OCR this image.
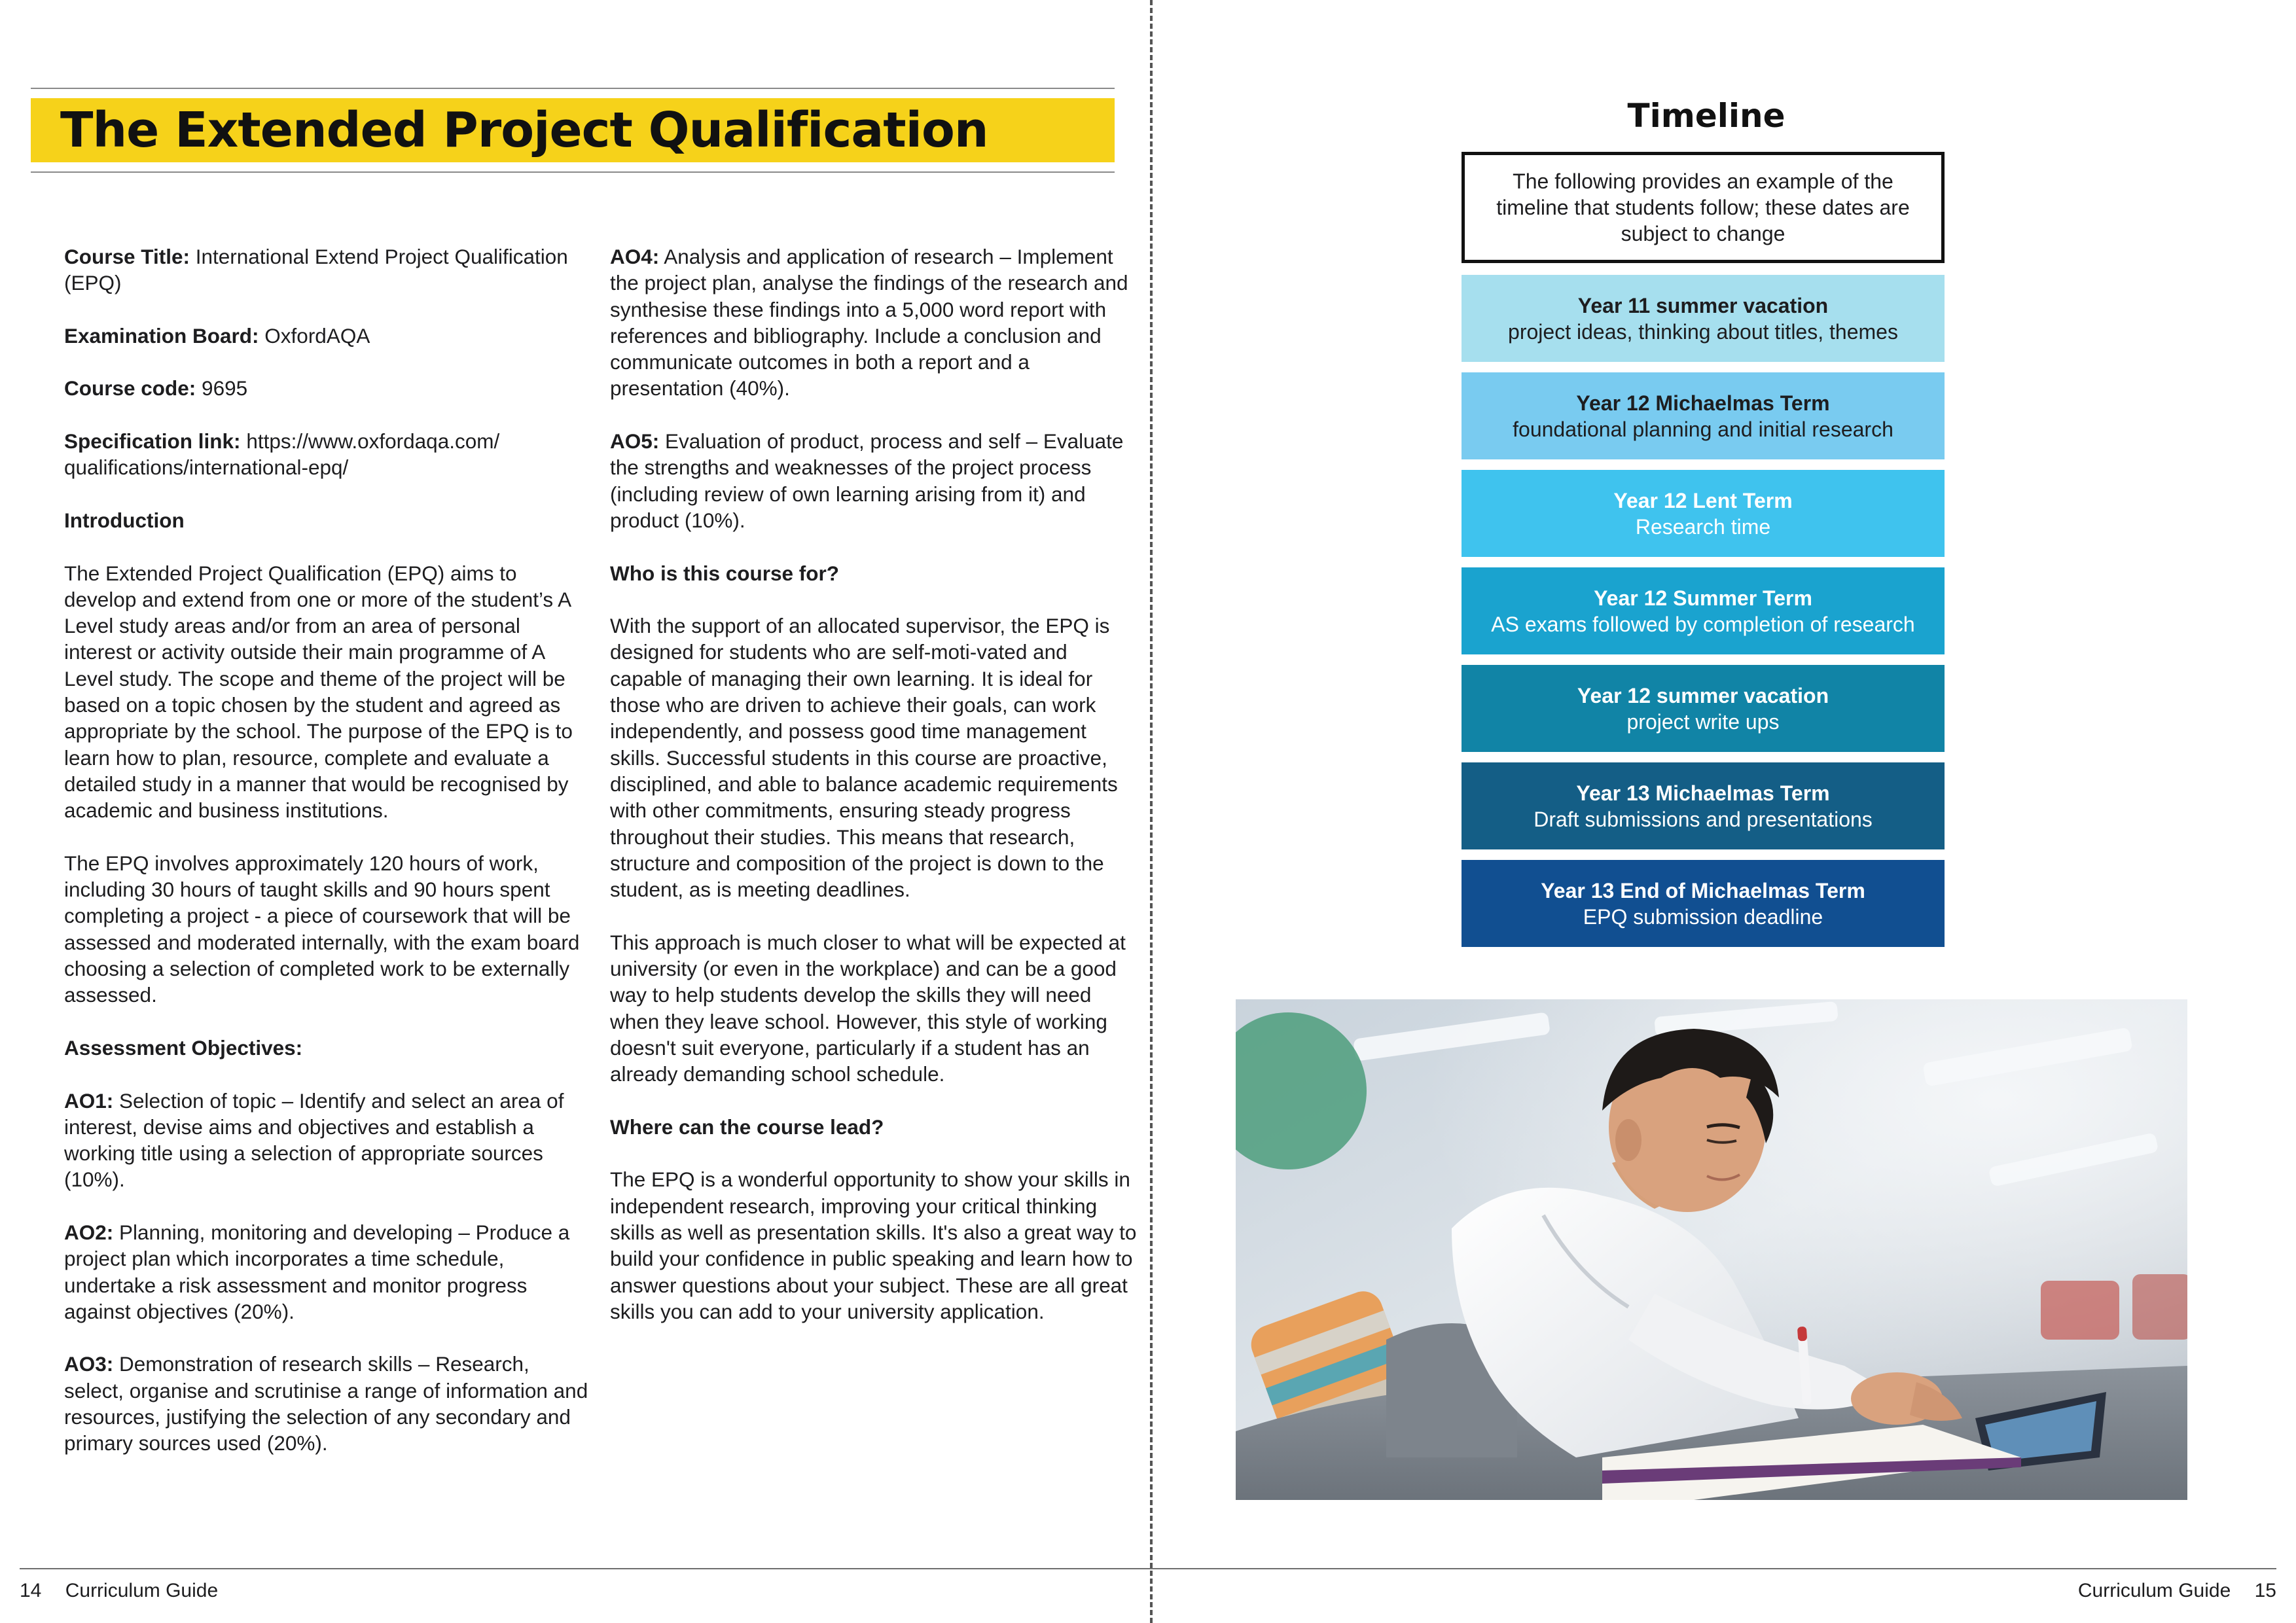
The Extended Project Qualification

Course Title: International Extend Project Qualification (EPQ)

Examination Board: OxfordAQA

Course code: 9695

Specification link: https://www.oxfordaqa.com/ qualifications/international-epq/

Introduction

The Extended Project Qualification (EPQ) aims to develop and extend from one or more of the student’s A Level study areas and/or from an area of personal interest or activity outside their main programme of A Level study. The scope and theme of the project will be based on a topic chosen by the student and agreed as appropriate by the school. The purpose of the EPQ is to learn how to plan, resource, complete and evaluate a detailed study in a manner that would be recognised by academic and business institutions.

The EPQ involves approximately 120 hours of work, including 30 hours of taught skills and 90 hours spent completing a project - a piece of coursework that will be assessed and moderated internally, with the exam board choosing a selection of completed work to be externally assessed.

Assessment Objectives:

AO1: Selection of topic – Identify and select an area of interest, devise aims and objectives and establish a working title using a selection of appropriate sources (10%).

AO2: Planning, monitoring and developing – Produce a project plan which incorporates a time schedule, undertake a risk assessment and monitor progress against objectives (20%).

AO3: Demonstration of research skills – Research, select, organise and scrutinise a range of information and resources, justifying the selection of any secondary and primary sources used (20%).

AO4: Analysis and application of research – Implement the project plan, analyse the findings of the research and synthesise these findings into a 5,000 word report with references and bibliography. Include a conclusion and communicate outcomes in both a report and a presentation (40%).

AO5: Evaluation of product, process and self – Evaluate the strengths and weaknesses of the project process (including review of own learning arising from it) and product (10%).

Who is this course for?

With the support of an allocated supervisor, the EPQ is designed for students who are self-moti-vated and capable of managing their own learning. It is ideal for those who are driven to achieve their goals, can work independently, and possess good time management skills. Successful students in this course are proactive, disciplined, and able to balance academic requirements with other commitments, ensuring steady progress throughout their studies. This means that research, structure and composition of the project is down to the student, as is meeting deadlines.

This approach is much closer to what will be expected at university (or even in the workplace) and can be a good way to help students develop the skills they will need when they leave school. However, this style of working doesn't suit everyone, particularly if a student has an already demanding school schedule.

Where can the course lead?

The EPQ is a wonderful opportunity to show your skills in independent research, improving your critical thinking skills as well as presentation skills. It's also a great way to build your confidence in public speaking and learn how to answer questions about your subject. These are all great skills you can add to your university application.

Timeline
The following provides an example of the timeline that students follow; these dates are subject to change
Year 11 summer vacation
project ideas, thinking about titles, themes
Year 12 Michaelmas Term
foundational planning and initial research
Year 12 Lent Term
Research time
Year 12 Summer Term
AS exams followed by completion of research
Year 12 summer vacation
project write ups
Year 13 Michaelmas Term
Draft submissions and presentations
Year 13 End of Michaelmas Term
EPQ submission deadline
14 Curriculum Guide	Curriculum Guide 15
